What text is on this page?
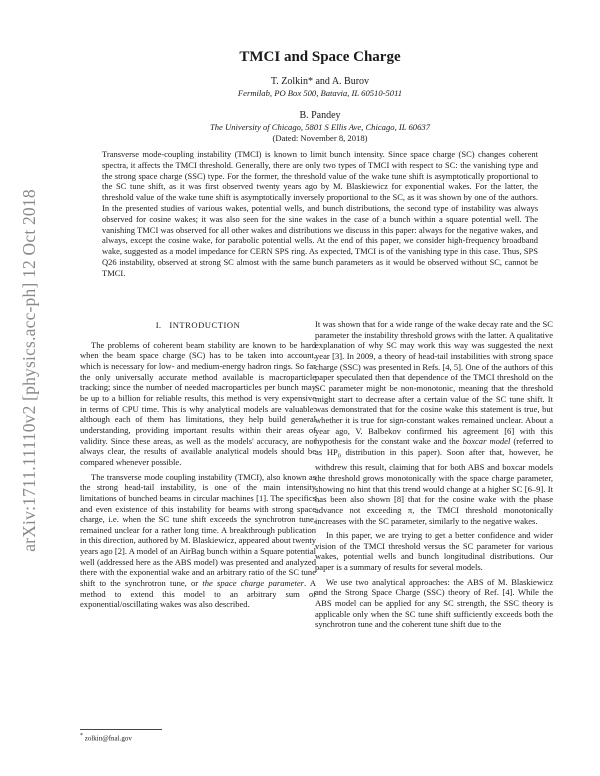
arXiv:1711.11110v2 [physics.acc-ph] 12 Oct 2018
TMCI and Space Charge
T. Zolkin* and A. Burov
Fermilab, PO Box 500, Batavia, IL 60510-5011
B. Pandey
The University of Chicago, 5801 S Ellis Ave, Chicago, IL 60637
(Dated: November 8, 2018)
Transverse mode-coupling instability (TMCI) is known to limit bunch intensity. Since space charge (SC) changes coherent spectra, it affects the TMCI threshold. Generally, there are only two types of TMCI with respect to SC: the vanishing type and the strong space charge (SSC) type. For the former, the threshold value of the wake tune shift is asymptotically proportional to the SC tune shift, as it was first observed twenty years ago by M. Blaskiewicz for exponential wakes. For the latter, the threshold value of the wake tune shift is asymptotically inversely proportional to the SC, as it was shown by one of the authors. In the presented studies of various wakes, potential wells, and bunch distributions, the second type of instability was always observed for cosine wakes; it was also seen for the sine wakes in the case of a bunch within a square potential well. The vanishing TMCI was observed for all other wakes and distributions we discuss in this paper: always for the negative wakes, and always, except the cosine wake, for parabolic potential wells. At the end of this paper, we consider high-frequency broadband wake, suggested as a model impedance for CERN SPS ring. As expected, TMCI is of the vanishing type in this case. Thus, SPS Q26 instability, observed at strong SC almost with the same bunch parameters as it would be observed without SC, cannot be TMCI.
I. INTRODUCTION

The problems of coherent beam stability are known to be hard when the beam space charge (SC) has to be taken into account, which is necessary for low- and medium-energy hadron rings. So far the only universally accurate method available is macroparticle tracking; since the number of needed macroparticles per bunch may be up to a billion for reliable results, this method is very expensive in terms of CPU time. This is why analytical models are valuable: although each of them has limitations, they help build general understanding, providing important results within their areas of validity. Since these areas, as well as the models' accuracy, are not always clear, the results of available analytical models should be compared whenever possible.

The transverse mode coupling instability (TMCI), also known as the strong head-tail instability, is one of the main intensity limitations of bunched beams in circular machines [1]. The specifics and even existence of this instability for beams with strong space charge, i.e. when the SC tune shift exceeds the synchrotron tune, remained unclear for a rather long time. A breakthrough publication in this direction, authored by M. Blaskiewicz, appeared about twenty years ago [2]. A model of an AirBag bunch within a Square potential well (addressed here as the ABS model) was presented and analyzed there with the exponential wake and an arbitrary ratio of the SC tune shift to the synchrotron tune, or the space charge parameter. A method to extend this model to an arbitrary sum of exponential/oscillating wakes was also described.

It was shown that for a wide range of the wake decay rate and the SC parameter the instability threshold grows with the latter. A qualitative explanation of why SC may work this way was suggested the next year [3]. In 2009, a theory of head-tail instabilities with strong space charge (SSC) was presented in Refs. [4, 5]. One of the authors of this paper speculated then that dependence of the TMCI threshold on the SC parameter might be non-monotonic, meaning that the threshold might start to decrease after a certain value of the SC tune shift. It was demonstrated that for the cosine wake this statement is true, but whether it is true for sign-constant wakes remained unclear. About a year ago, V. Balbekov confirmed his agreement [6] with this hypothesis for the constant wake and the boxcar model (referred to as $HP_0$ distribution in this paper). Soon after that, however, he withdrew this result, claiming that for both ABS and boxcar models the threshold grows monotonically with the space charge parameter, showing no hint that this trend would change at a higher SC [6–9]. It has been also shown [8] that for the cosine wake with the phase advance not exceeding π, the TMCI threshold monotonically increases with the SC parameter, similarly to the negative wakes.

In this paper, we are trying to get a better confidence and wider vision of the TMCI threshold versus the SC parameter for various wakes, potential wells and bunch longitudinal distributions. Our paper is a summary of results for several models.

We use two analytical approaches: the ABS of M. Blaskiewicz and the Strong Space Charge (SSC) theory of Ref. [4]. While the ABS model can be applied for any SC strength, the SSC theory is applicable only when the SC tune shift sufficiently exceeds both the synchrotron tune and the coherent tune shift due to the

* zolkin@fnal.gov
